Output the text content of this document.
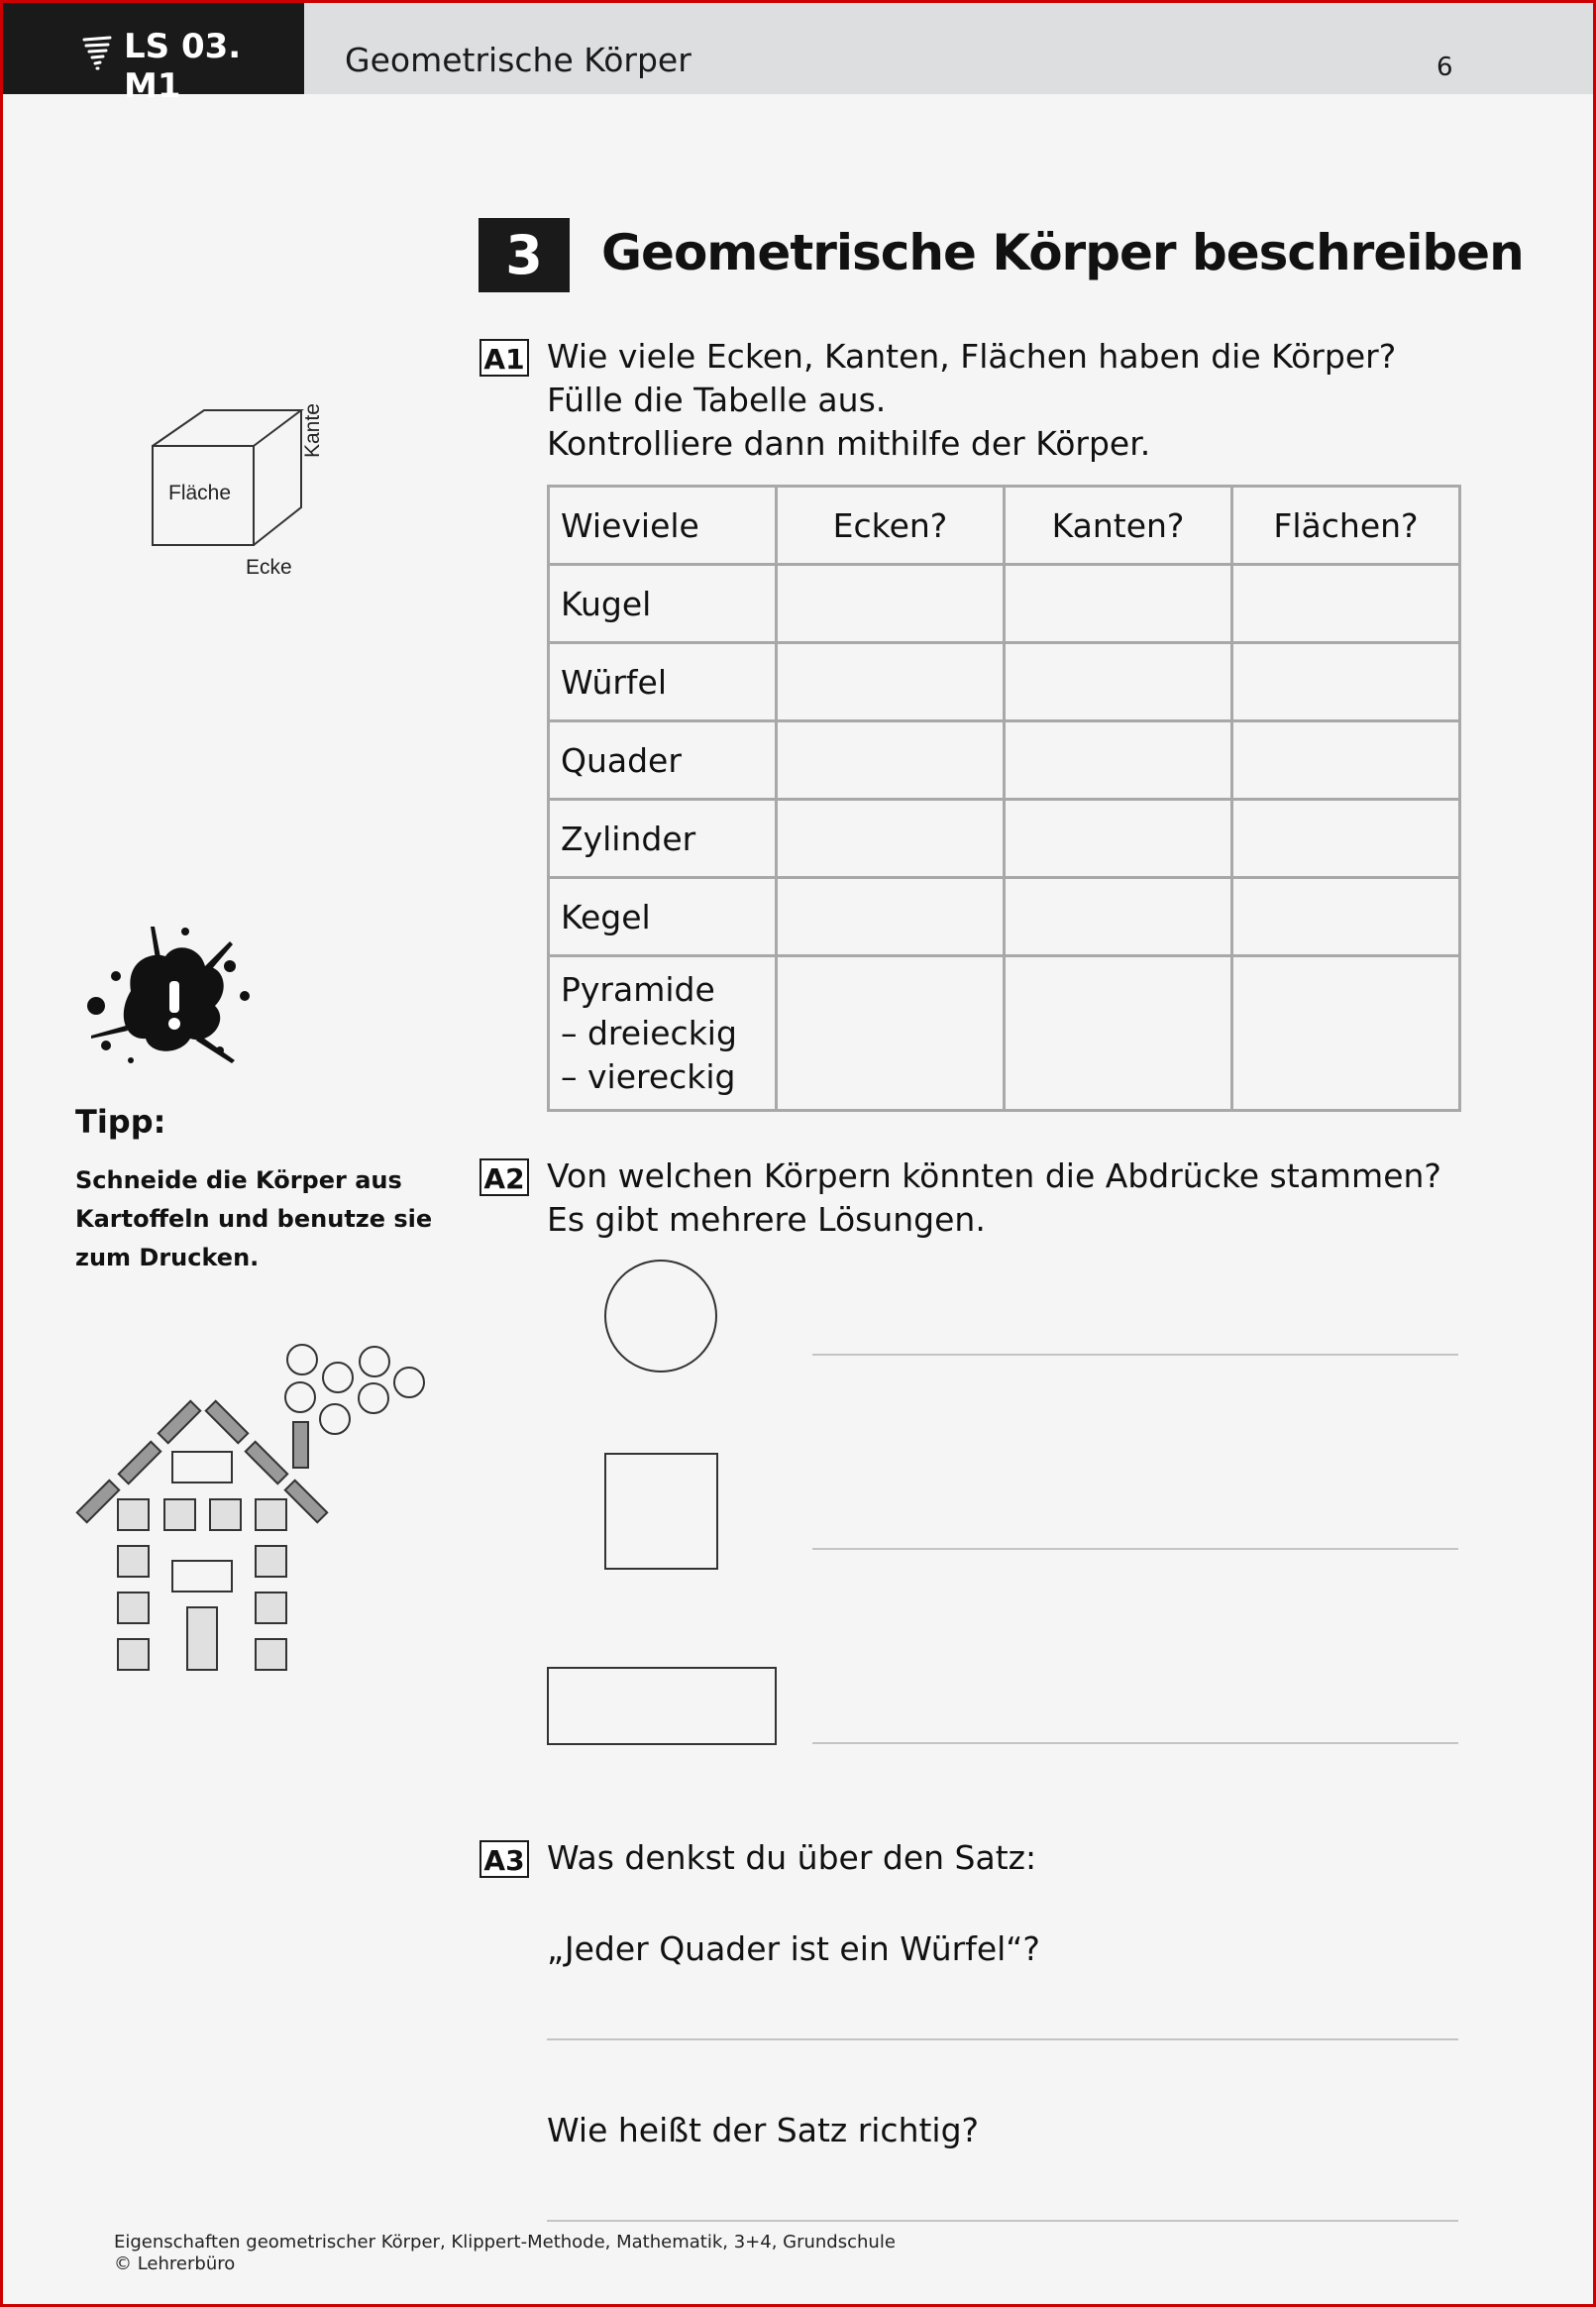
LS 03. M1
Geometrische Körper	6
3	Geometrische Körper beschreiben
Fläche
Kante
Ecke
A1 Wie viele Ecken, Kanten, Flächen haben die Körper?
Fülle die Tabelle aus.
Kontrolliere dann mithilfe der Körper.
Wieviele	Ecken?	Kanten?	Flächen?
Kugel			
Würfel			
Quader			
Zylinder			
Kegel			

Pyramide
– dreieckig
– viereckig			

A2 Von welchen Körpern könnten die Abdrücke stammen?
Es gibt mehrere Lösungen.
A3 Was denkst du über den Satz:
„Jeder Quader ist ein Würfel“?
Wie heißt der Satz richtig?
Tipp:
Schneide die Körper aus
Kartoffeln und benutze sie
zum Drucken.
Eigenschaften geometrischer Körper, Klippert-Methode, Mathematik, 3+4, Grundschule
© Lehrerbüro
